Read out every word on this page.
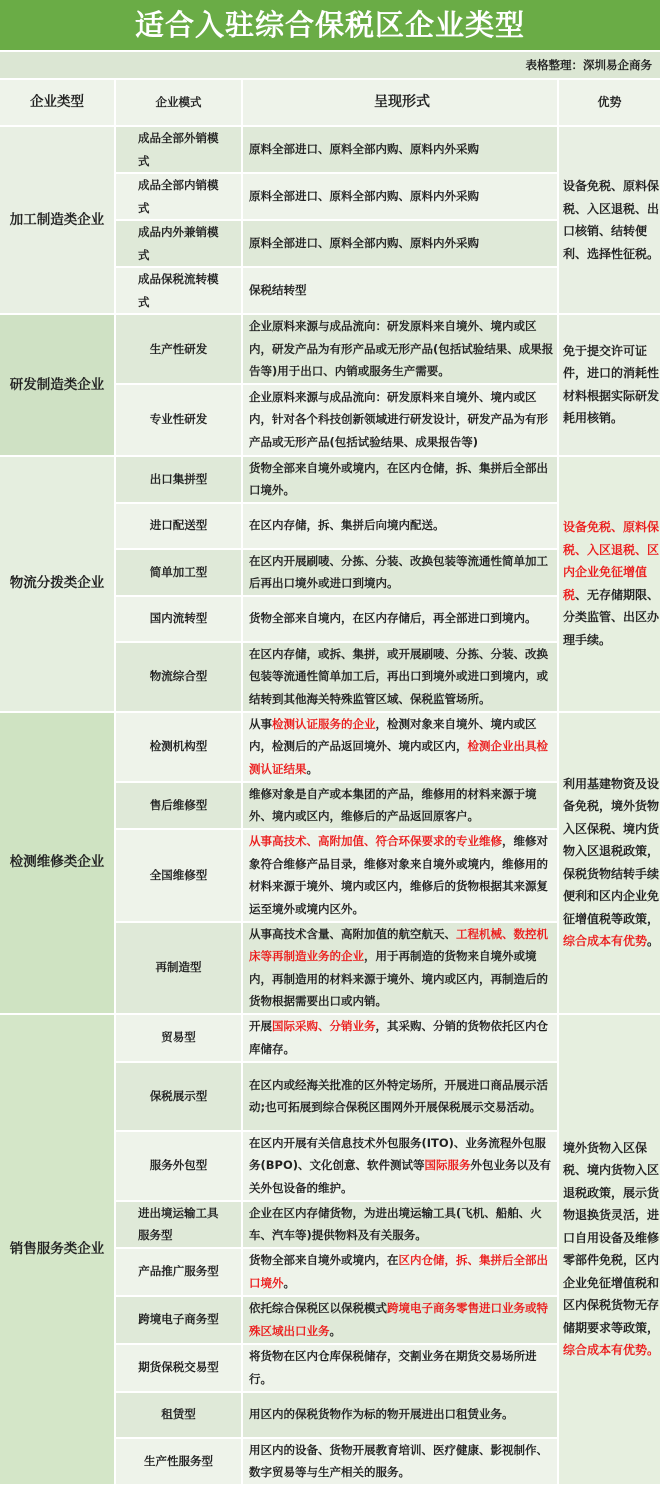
适合入驻综合保税区企业类型
表格整理：深圳易企商务
企业类型	企业模式	呈现形式	优势
加工制造类企业	成品全部外销模式	原料全部进口、原料全部内购、原料内外采购	设备免税、原料保税、入区退税、出口核销、结转便利、选择性征税。
	成品全部内销模式	原料全部进口、原料全部内购、原料内外采购	
	成品内外兼销模式	原料全部进口、原料全部内购、原料内外采购	
	成品保税流转模式	保税结转型	
研发制造类企业	生产性研发	企业原料来源与成品流向：研发原料来自境外、境内或区内，研发产品为有形产品或无形产品(包括试验结果、成果报告等)用于出口、内销或服务生产需要。	免于提交许可证件，进口的消耗性材料根据实际研发耗用核销。
	专业性研发	企业原料来源与成品流向：研发原料来自境外、境内或区内，针对各个科技创新领域进行研发设计，研发产品为有形产品或无形产品(包括试验结果、成果报告等)	
物流分拨类企业	出口集拼型	货物全部来自境外或境内，在区内仓储，拆、集拼后全部出口境外。	设备免税、原料保税、入区退税、区内企业免征增值税、无存储期限、分类监管、出区办理手续。
	进口配送型	在区内存储，拆、集拼后向境内配送。	
	简单加工型	在区内开展刷唛、分拣、分装、改换包装等流通性简单加工后再出口境外或进口到境内。	
	国内流转型	货物全部来自境内，在区内存储后，再全部进口到境内。	
	物流综合型	在区内存储，或拆、集拼，或开展刷唛、分拣、分装、改换包装等流通性简单加工后，再出口到境外或进口到境内，或结转到其他海关特殊监管区域、保税监管场所。	
检测维修类企业	检测机构型	从事检测认证服务的企业，检测对象来自境外、境内或区内，检测后的产品返回境外、境内或区内，检测企业出具检测认证结果。	利用基建物资及设备免税，境外货物入区保税、境内货物入区退税政策，保税货物结转手续便利和区内企业免征增值税等政策，综合成本有优势。
	售后维修型	维修对象是自产或本集团的产品，维修用的材料来源于境外、境内或区内，维修后的产品返回原客户。	
	全国维修型	从事高技术、高附加值、符合环保要求的专业维修，维修对象符合维修产品目录，维修对象来自境外或境内，维修用的材料来源于境外、境内或区内，维修后的货物根据其来源复运至境外或境内区外。	
	再制造型	从事高技术含量、高附加值的航空航天、工程机械、数控机床等再制造业务的企业，用于再制造的货物来自境外或境内，再制造用的材料来源于境外、境内或区内，再制造后的货物根据需要出口或内销。	
销售服务类企业	贸易型	开展国际采购、分销业务，其采购、分销的货物依托区内仓库储存。	境外货物入区保税、境内货物入区退税政策，展示货物退换货灵活，进口自用设备及维修零部件免税，区内企业免征增值税和区内保税货物无存储期要求等政策，综合成本有优势。
	保税展示型	在区内或经海关批准的区外特定场所，开展进口商品展示活动;也可拓展到综合保税区围网外开展保税展示交易活动。	
	服务外包型	在区内开展有关信息技术外包服务(ITO)、业务流程外包服务(BPO)、文化创意、软件测试等国际服务外包业务以及有关外包设备的维护。	
	进出境运输工具服务型	企业在区内存储货物，为进出境运输工具(飞机、船舶、火车、汽车等)提供物料及有关服务。	
	产品推广服务型	货物全部来自境外或境内，在区内仓储，拆、集拼后全部出口境外。	
	跨境电子商务型	依托综合保税区以保税模式跨境电子商务零售进口业务或特殊区域出口业务。	
	期货保税交易型	将货物在区内仓库保税储存，交割业务在期货交易场所进行。	
	租赁型	用区内的保税货物作为标的物开展进出口租赁业务。	
	生产性服务型	用区内的设备、货物开展教育培训、医疗健康、影视制作、数字贸易等与生产相关的服务。	
